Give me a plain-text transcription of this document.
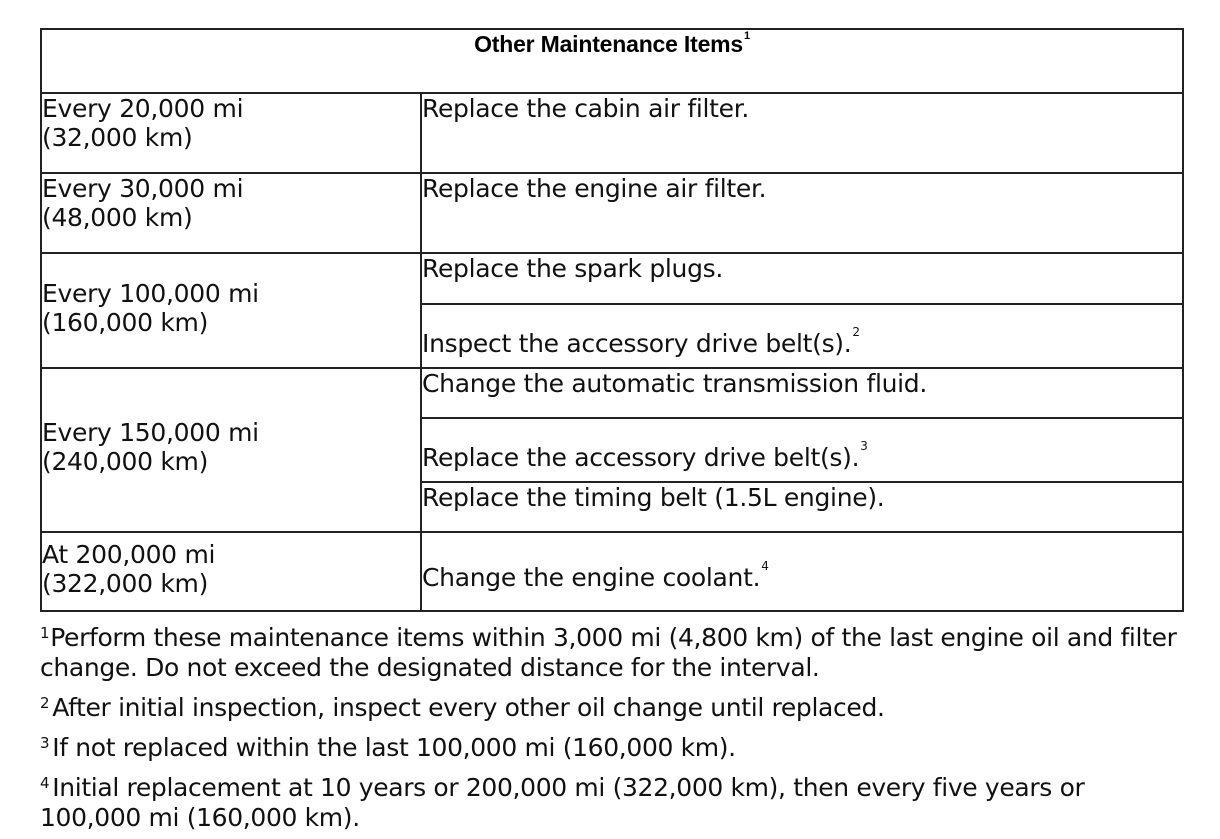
Other Maintenance Items$^1$

Every 20,000 mi
(32,000 km)	Replace the cabin air filter.

Every 30,000 mi
(48,000 km)	Replace the engine air filter.

Every 100,000 mi
(160,000 km)	Replace the spark plugs.
	Inspect the accessory drive belt(s).$^2$

Every 150,000 mi
(240,000 km)	Change the automatic transmission fluid.
	Replace the accessory drive belt(s).$^3$
	Replace the timing belt (1.5L engine).

At 200,000 mi
(322,000 km)	Change the engine coolant.$^4$
$^1$Perform these maintenance items within 3,000 mi (4,800 km) of the last engine oil and filter change. Do not exceed the designated distance for the interval.
$^2$ After initial inspection, inspect every other oil change until replaced.
$^3$ If not replaced within the last 100,000 mi (160,000 km).
$^4$ Initial replacement at 10 years or 200,000 mi (322,000 km), then every five years or 100,000 mi (160,000 km).
